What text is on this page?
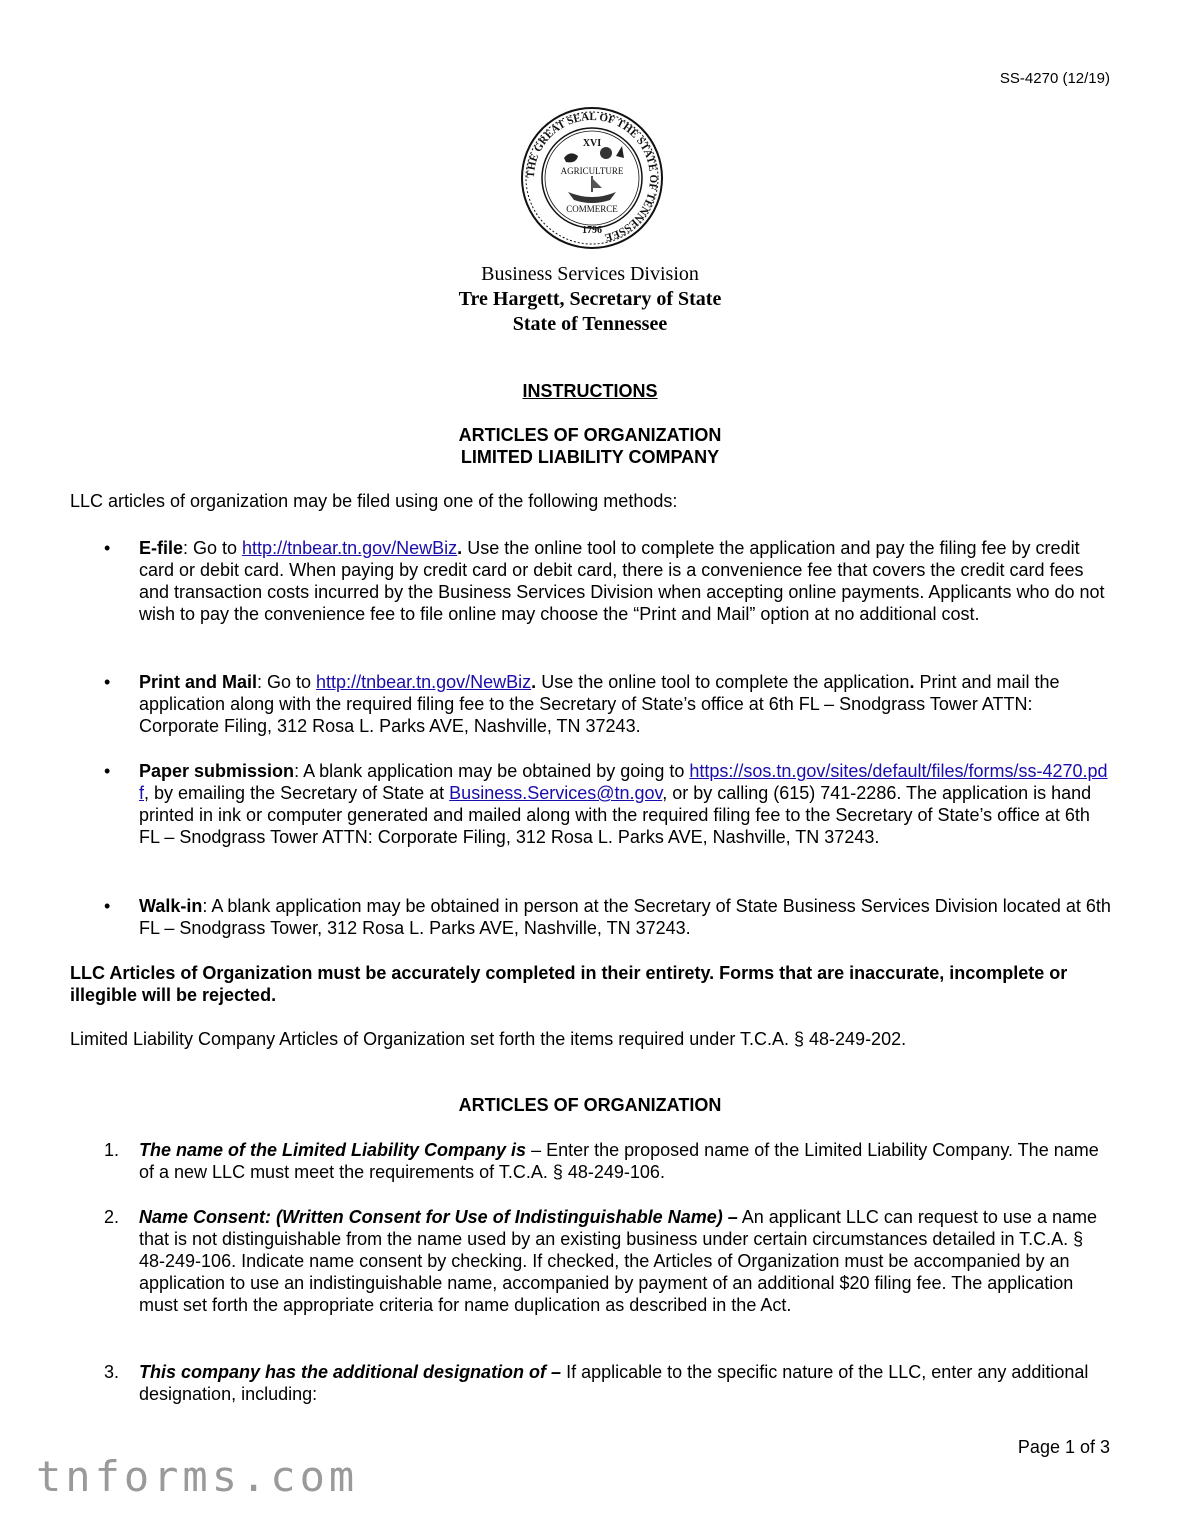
SS-4270 (12/19)
THE GREAT SEAL OF THE STATE OF TENNESSEE
XVI
AGRICULTURE
COMMERCE
1796
Business Services Division
Tre Hargett, Secretary of State
State of Tennessee
INSTRUCTIONS
ARTICLES OF ORGANIZATION
LIMITED LIABILITY COMPANY
LLC articles of organization may be filed using one of the following methods:
• E-file: Go to http://tnbear.tn.gov/NewBiz. Use the online tool to complete the application and pay the filing fee by credit card or debit card. When paying by credit card or debit card, there is a convenience fee that covers the credit card fees and transaction costs incurred by the Business Services Division when accepting online payments. Applicants who do not wish to pay the convenience fee to file online may choose the “Print and Mail” option at no additional cost.
• Print and Mail: Go to http://tnbear.tn.gov/NewBiz. Use the online tool to complete the application. Print and mail the application along with the required filing fee to the Secretary of State’s office at 6th FL – Snodgrass Tower ATTN: Corporate Filing, 312 Rosa L. Parks AVE, Nashville, TN 37243.
• Paper submission: A blank application may be obtained by going to https://sos.tn.gov/sites/default/files/forms/ss-4270.pdf, by emailing the Secretary of State at Business.Services@tn.gov, or by calling (615) 741-2286. The application is hand printed in ink or computer generated and mailed along with the required filing fee to the Secretary of State’s office at 6th FL – Snodgrass Tower ATTN: Corporate Filing, 312 Rosa L. Parks AVE, Nashville, TN 37243.
• Walk-in: A blank application may be obtained in person at the Secretary of State Business Services Division located at 6th FL – Snodgrass Tower, 312 Rosa L. Parks AVE, Nashville, TN 37243.
LLC Articles of Organization must be accurately completed in their entirety. Forms that are inaccurate, incomplete or illegible will be rejected.
Limited Liability Company Articles of Organization set forth the items required under T.C.A. § 48-249-202.
ARTICLES OF ORGANIZATION
1. The name of the Limited Liability Company is – Enter the proposed name of the Limited Liability Company. The name of a new LLC must meet the requirements of T.C.A. § 48-249-106.
2. Name Consent: (Written Consent for Use of Indistinguishable Name) – An applicant LLC can request to use a name that is not distinguishable from the name used by an existing business under certain circumstances detailed in T.C.A. § 48-249-106. Indicate name consent by checking. If checked, the Articles of Organization must be accompanied by an application to use an indistinguishable name, accompanied by payment of an additional $20 filing fee. The application must set forth the appropriate criteria for name duplication as described in the Act.
3. This company has the additional designation of – If applicable to the specific nature of the LLC, enter any additional designation, including:
Page 1 of 3
tnforms.com
